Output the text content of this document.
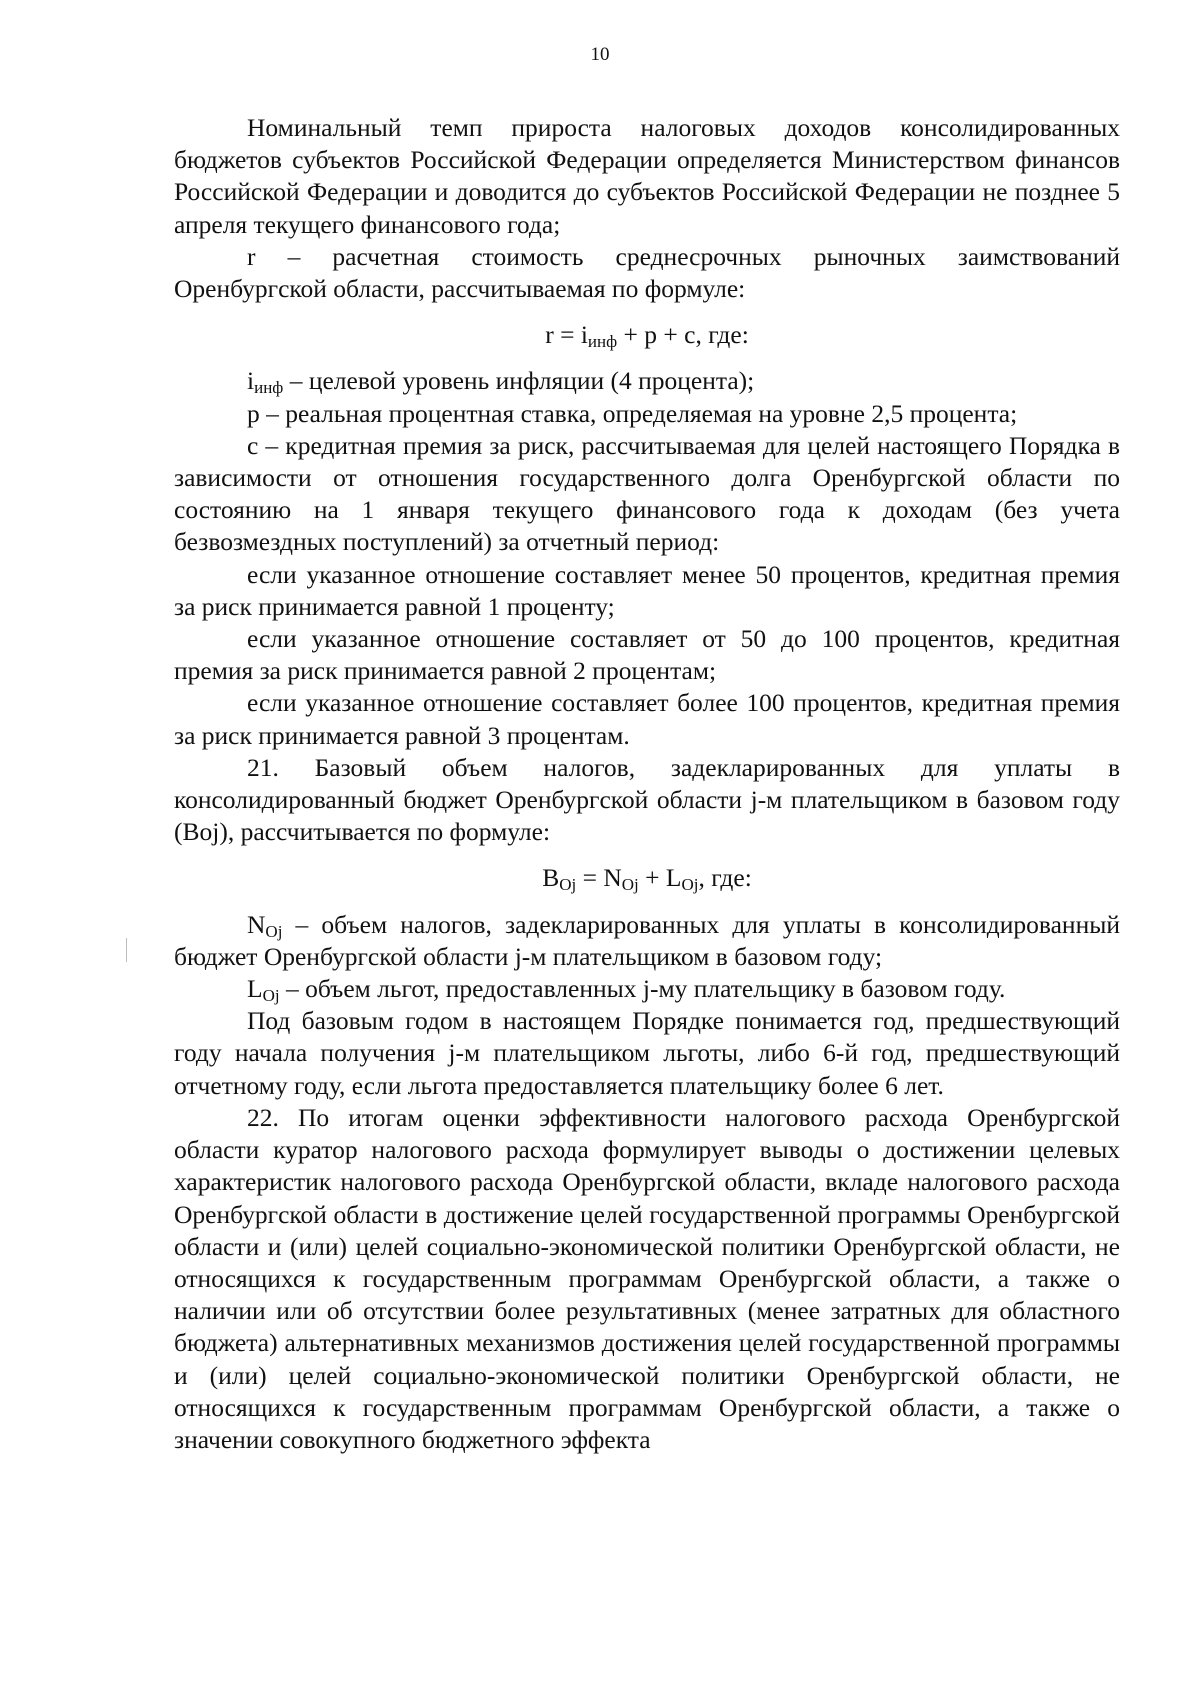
10

Номинальный темп прироста налоговых доходов консолидированных бюджетов субъектов Российской Федерации определяется Министерством финансов Российской Федерации и доводится до субъектов Российской Федерации не позднее 5 апреля текущего финансового года;

r – расчетная стоимость среднесрочных рыночных заимствований Оренбургской области, рассчитываемая по формуле:

$r = i_{инф} + p + c$, где:

$i_{инф}$ – целевой уровень инфляции (4 процента);

p – реальная процентная ставка, определяемая на уровне 2,5 процента;

c – кредитная премия за риск, рассчитываемая для целей настоящего Порядка в зависимости от отношения государственного долга Оренбургской области по состоянию на 1 января текущего финансового года к доходам (без учета безвозмездных поступлений) за отчетный период:

если указанное отношение составляет менее 50 процентов, кредитная премия за риск принимается равной 1 проценту;

если указанное отношение составляет от 50 до 100 процентов, кредитная премия за риск принимается равной 2 процентам;

если указанное отношение составляет более 100 процентов, кредитная премия за риск принимается равной 3 процентам.

21. Базовый объем налогов, задекларированных для уплаты в консолидированный бюджет Оренбургской области j-м плательщиком в базовом году (Boj), рассчитывается по формуле:

$B_{Oj} = N_{Oj} + L_{Oj}$, где:

$N_{Oj}$ – объем налогов, задекларированных для уплаты в консолидированный бюджет Оренбургской области j-м плательщиком в базовом году;

$L_{Oj}$ – объем льгот, предоставленных j-му плательщику в базовом году.

Под базовым годом в настоящем Порядке понимается год, предшествующий году начала получения j-м плательщиком льготы, либо 6-й год, предшествующий отчетному году, если льгота предоставляется плательщику более 6 лет.

22. По итогам оценки эффективности налогового расхода Оренбургской области куратор налогового расхода формулирует выводы о достижении целевых характеристик налогового расхода Оренбургской области, вкладе налогового расхода Оренбургской области в достижение целей государственной программы Оренбургской области и (или) целей социально-экономической политики Оренбургской области, не относящихся к государственным программам Оренбургской области, а также о наличии или об отсутствии более результативных (менее затратных для областного бюджета) альтернативных механизмов достижения целей государственной программы и (или) целей социально-экономической политики Оренбургской области, не относящихся к государственным программам Оренбургской области, а также о значении совокупного бюджетного эффекта
